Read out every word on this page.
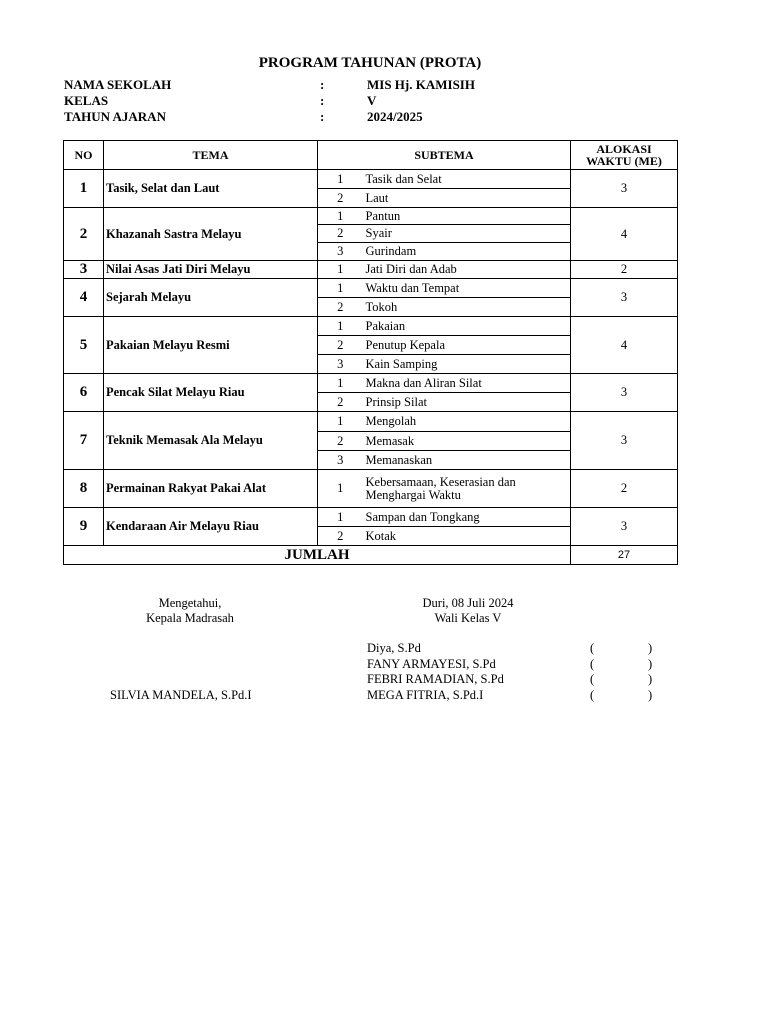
PROGRAM TAHUNAN (PROTA)
NAMA SEKOLAH	:	MIS Hj. KAMISIH
KELAS	:	V
TAHUN AJARAN	:	2024/2025
NO	TEMA	SUBTEMA		ALOKASI
WAKTU (ME)

1	Tasik, Selat dan Laut	1	Tasik dan Selat	3
		2	Laut	
2	Khazanah Sastra Melayu	1	Pantun	4
		2	Syair	
		3	Gurindam	
3	Nilai Asas Jati Diri Melayu	1	Jati Diri dan Adab	2
4	Sejarah Melayu	1	Waktu dan Tempat	3
		2	Tokoh	
5	Pakaian Melayu Resmi	1	Pakaian	4
		2	Penutup Kepala	
		3	Kain Samping	
6	Pencak Silat Melayu Riau	1	Makna dan Aliran Silat	3
		2	Prinsip Silat	
7	Teknik Memasak Ala Melayu	1	Mengolah	3
		2	Memasak	
		3	Memanaskan	
8	Permainan Rakyat Pakai Alat	1	Kebersamaan, Keserasian dan Menghargai Waktu	2
9	Kendaraan Air Melayu Riau	1	Sampan dan Tongkang	3
		2	Kotak	
JUMLAH				27
Mengetahui,
Kepala Madrasah
SILVIA MANDELA, S.Pd.I
Duri, 08 Juli 2024
Wali Kelas V
Diya, S.Pd
FANY ARMAYESI, S.Pd
FEBRI RAMADIAN, S.Pd
MEGA FITRIA, S.Pd.I
(	)
(	)
(	)
(	)
